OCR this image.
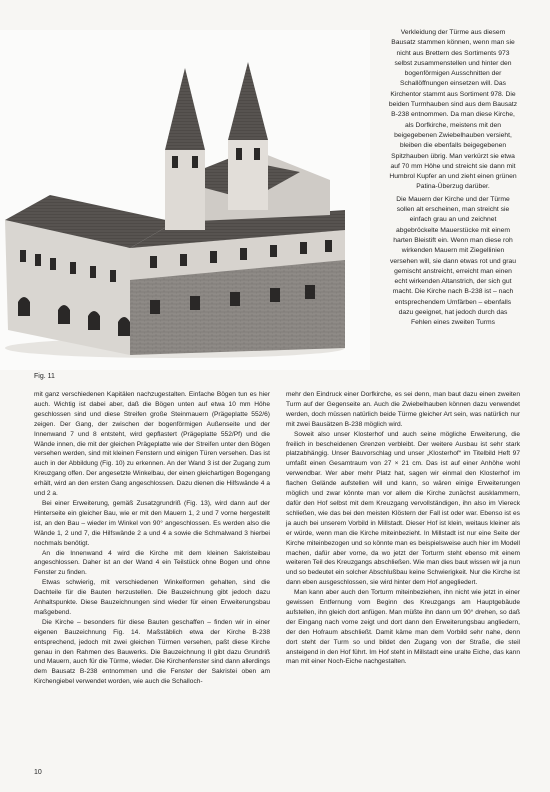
Fig. 11

Verkleidung der Türme aus diesem Bausatz stammen können, wenn man sie nicht aus Brettern des Sortiments 973 selbst zusammenstellen und hinter den bogenförmigen Ausschnitten der Schallöffnungen einsetzen will. Das Kirchentor stammt aus Sortiment 978. Die beiden Turmhauben sind aus dem Bausatz B-238 entnommen. Da man diese Kirche, als Dorfkirche, meistens mit den beigegebenen Zwiebelhauben versieht, bleiben die ebenfalls beigegebenen Spitzhauben übrig. Man verkürzt sie etwa auf 70 mm Höhe und streicht sie dann mit Humbrol Kupfer an und zieht einen grünen Patina-Überzug darüber.

Die Mauern der Kirche und der Türme sollen alt erscheinen, man streicht sie einfach grau an und zeichnet abgebröckelte Mauerstücke mit einem harten Bleistift ein. Wenn man diese roh wirkenden Mauern mit Ziegellinien versehen will, sie dann etwas rot und grau gemischt anstreicht, erreicht man einen echt wirkenden Altanstrich, der sich gut macht. Die Kirche nach B-238 ist – nach entsprechendem Umfärben – ebenfalls dazu geeignet, hat jedoch durch das Fehlen eines zweiten Turms

mit ganz verschiedenen Kapitälen nachzugestalten. Einfache Bögen tun es hier auch. Wichtig ist dabei aber, daß die Bögen unten auf etwa 10 mm Höhe geschlossen sind und diese Streifen große Steinmauern (Prägeplatte 552/6) zeigen. Der Gang, der zwischen der bogenförmigen Außenseite und der Innenwand 7 und 8 entsteht, wird gepflastert (Prägeplatte 552/Pf) und die Wände innen, die mit der gleichen Prägeplatte wie der Streifen unter den Bögen versehen werden, sind mit kleinen Fenstern und einigen Türen versehen. Das ist auch in der Abbildung (Fig. 10) zu erkennen. An der Wand 3 ist der Zugang zum Kreuzgang offen. Der angesetzte Winkelbau, der einen gleichartigen Bogengang erhält, wird an den ersten Gang angeschlossen. Dazu dienen die Hilfswände 4 a und 2 a.

Bei einer Erweiterung, gemäß Zusatzgrundriß (Fig. 13), wird dann auf der Hinterseite ein gleicher Bau, wie er mit den Mauern 1, 2 und 7 vorne hergestellt ist, an den Bau – wieder im Winkel von 90° angeschlossen. Es werden also die Wände 1, 2 und 7, die Hilfswände 2 a und 4 a sowie die Schmalwand 3 hierbei nochmals benötigt.

An die Innenwand 4 wird die Kirche mit dem kleinen Sakristeibau angeschlossen. Daher ist an der Wand 4 ein Teilstück ohne Bogen und ohne Fenster zu finden.

Etwas schwierig, mit verschiedenen Winkelformen gehalten, sind die Dachteile für die Bauten herzustellen. Die Bauzeichnung gibt jedoch dazu Anhaltspunkte. Diese Bauzeichnungen sind wieder für einen Erweiterungsbau maßgebend.

Die Kirche – besonders für diese Bauten geschaffen – finden wir in einer eigenen Bauzeichnung Fig. 14. Maßstäblich etwa der Kirche B-238 entsprechend, jedoch mit zwei gleichen Türmen versehen, paßt diese Kirche genau in den Rahmen des Bauwerks. Die Bauzeichnung II gibt dazu Grundriß und Mauern, auch für die Türme, wieder. Die Kirchenfenster sind dann allerdings dem Bausatz B-238 entnommen und die Fenster der Sakristei oben am Kirchengiebel verwendet worden, wie auch die Schalloch-

mehr den Eindruck einer Dorfkirche, es sei denn, man baut dazu einen zweiten Turm auf der Gegenseite an. Auch die Zwiebelhauben können dazu verwendet werden, doch müssen natürlich beide Türme gleicher Art sein, was natürlich nur mit zwei Bausätzen B-238 möglich wird.

Soweit also unser Klosterhof und auch seine mögliche Erweiterung, die freilich in bescheidenen Grenzen verbleibt. Der weitere Ausbau ist sehr stark platzabhängig. Unser Bauvorschlag und unser „Klosterhof“ im Titelbild Heft 97 umfaßt einen Gesamtraum von 27 × 21 cm. Das ist auf einer Anhöhe wohl verwendbar. Wer aber mehr Platz hat, sagen wir einmal den Klosterhof im flachen Gelände aufstellen will und kann, so wären einige Erweiterungen möglich und zwar könnte man vor allem die Kirche zunächst ausklammern, dafür den Hof selbst mit dem Kreuzgang vervollständigen, ihn also im Viereck schließen, wie das bei den meisten Klöstern der Fall ist oder war. Ebenso ist es ja auch bei unserem Vorbild in Millstadt. Dieser Hof ist klein, weitaus kleiner als er würde, wenn man die Kirche miteinbezieht. In Millstadt ist nur eine Seite der Kirche miteinbezogen und so könnte man es beispielsweise auch hier im Modell machen, dafür aber vorne, da wo jetzt der Torturm steht ebenso mit einem weiteren Teil des Kreuzgangs abschließen. Wie man dies baut wissen wir ja nun und so bedeutet ein solcher Abschlußbau keine Schwierigkeit. Nur die Kirche ist dann eben ausgeschlossen, sie wird hinter dem Hof angegliedert.

Man kann aber auch den Torturm miteinbeziehen, ihn nicht wie jetzt in einer gewissen Entfernung vom Beginn des Kreuzgangs am Hauptgebäude aufstellen, ihn gleich dort anfügen. Man müßte ihn dann um 90° drehen, so daß der Eingang nach vorne zeigt und dort dann den Erweiterungsbau angliedern, der den Hofraum abschließt. Damit käme man dem Vorbild sehr nahe, denn dort steht der Turm so und bildet den Zugang von der Straße, die steil ansteigend in den Hof führt. Im Hof steht in Millstadt eine uralte Eiche, das kann man mit einer Noch-Eiche nachgestalten.

10
